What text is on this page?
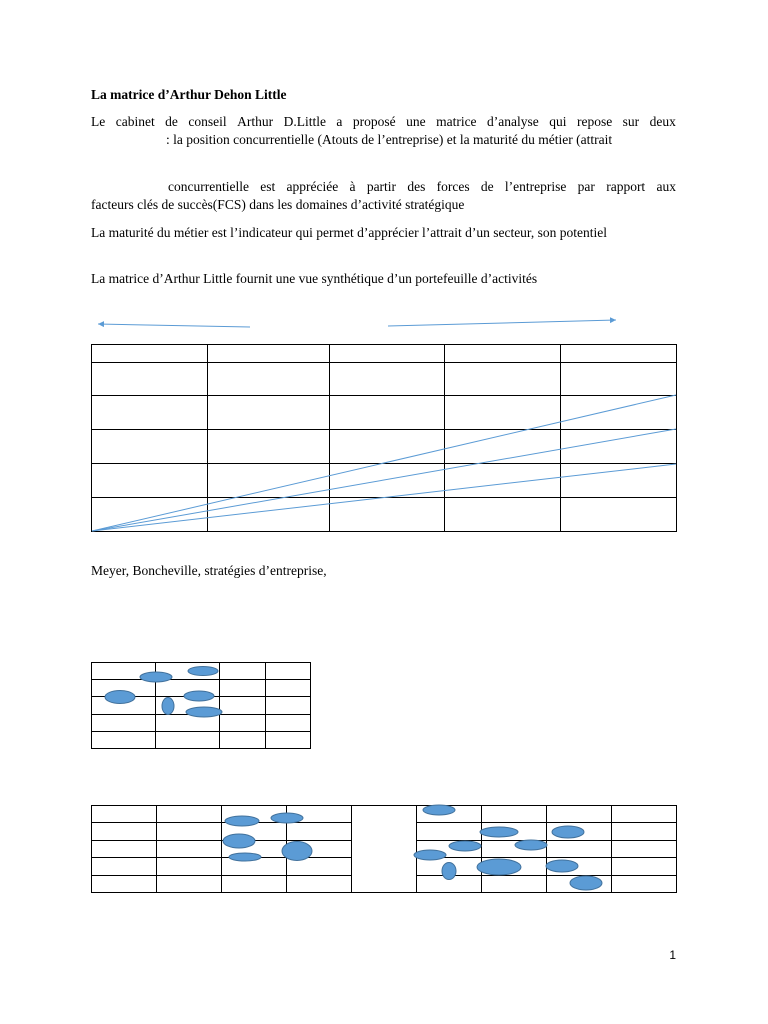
La matrice d’Arthur Dehon Little
Le cabinet de conseil Arthur D.Little a proposé une matrice d’analyse qui repose sur deux
: la position concurrentielle (Atouts de l’entreprise) et la maturité du métier (attrait
concurrentielle est appréciée à partir des forces de l’entreprise par rapport aux
facteurs clés de succès(FCS) dans les domaines d’activité stratégique
La maturité du métier est l’indicateur qui permet d’apprécier l’attrait d’un secteur, son potentiel
La matrice d’Arthur Little fournit une vue synthétique d’un portefeuille d’activités
Meyer, Boncheville, stratégies d’entreprise,
1
